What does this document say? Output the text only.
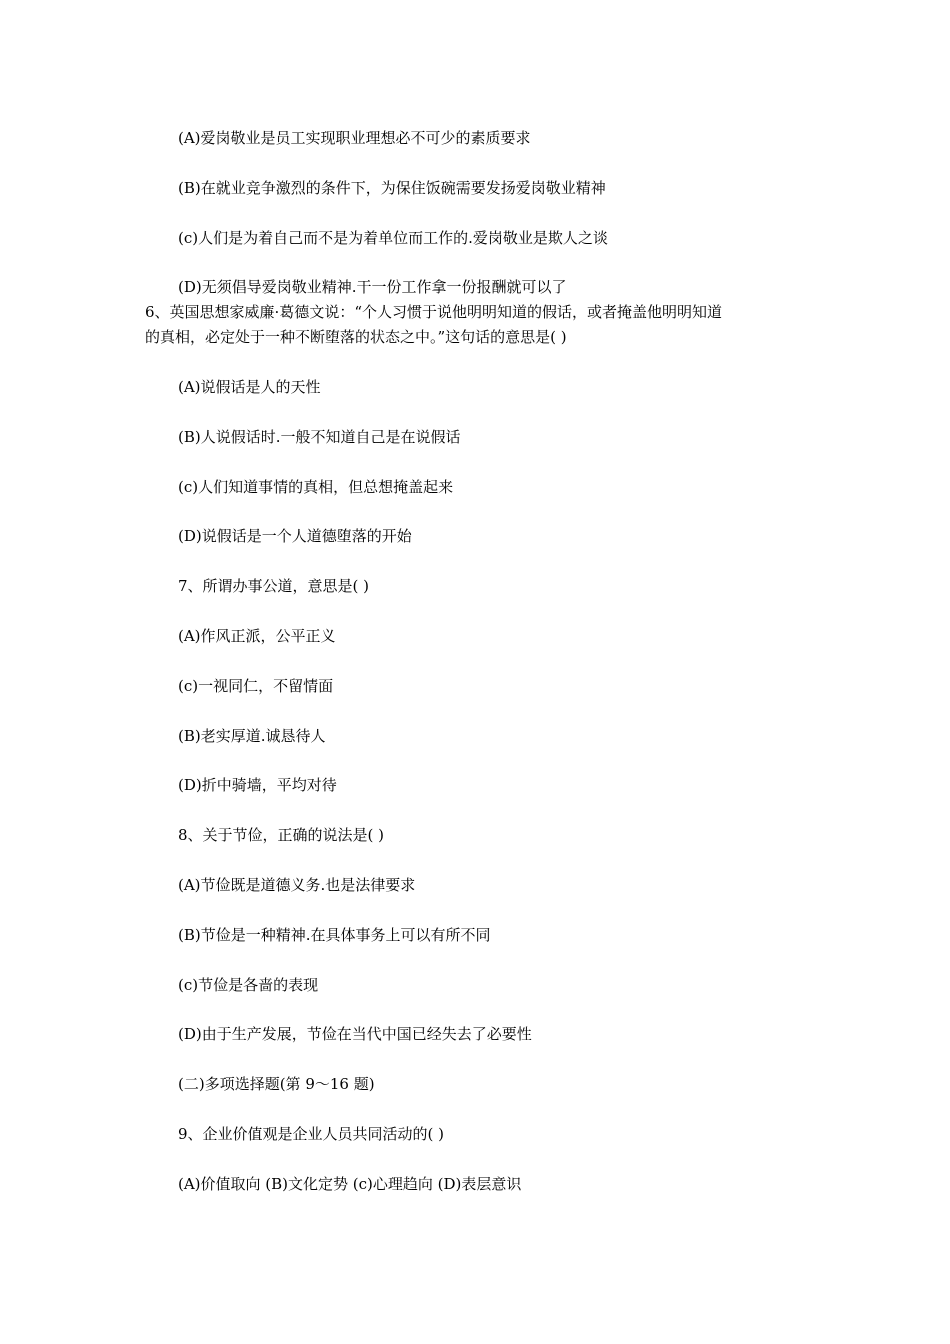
(A)爱岗敬业是员工实现职业理想必不可少的素质要求
(B)在就业竞争激烈的条件下，为保住饭碗需要发扬爱岗敬业精神
(c)人们是为着自己而不是为着单位而工作的.爱岗敬业是欺人之谈
(D)无须倡导爱岗敬业精神.干一份工作拿一份报酬就可以了
6、英国思想家威廉·葛德文说：“个人习惯于说他明明知道的假话，或者掩盖他明明知道
的真相，必定处于一种不断堕落的状态之中。”这句话的意思是( )
(A)说假话是人的天性
(B)人说假话时.一般不知道自己是在说假话
(c)人们知道事情的真相，但总想掩盖起来
(D)说假话是一个人道德堕落的开始
7、所谓办事公道，意思是( )
(A)作风正派，公平正义
(c)一视同仁，不留情面
(B)老实厚道.诚恳待人
(D)折中骑墙，平均对待
8、关于节俭，正确的说法是( )
(A)节俭既是道德义务.也是法律要求
(B)节俭是一种精神.在具体事务上可以有所不同
(c)节俭是各啬的表现
(D)由于生产发展，节俭在当代中国已经失去了必要性
(二)多项选择题(第 9～16 题)
9、企业价值观是企业人员共同活动的( )
(A)价值取向 (B)文化定势 (c)心理趋向 (D)表层意识
